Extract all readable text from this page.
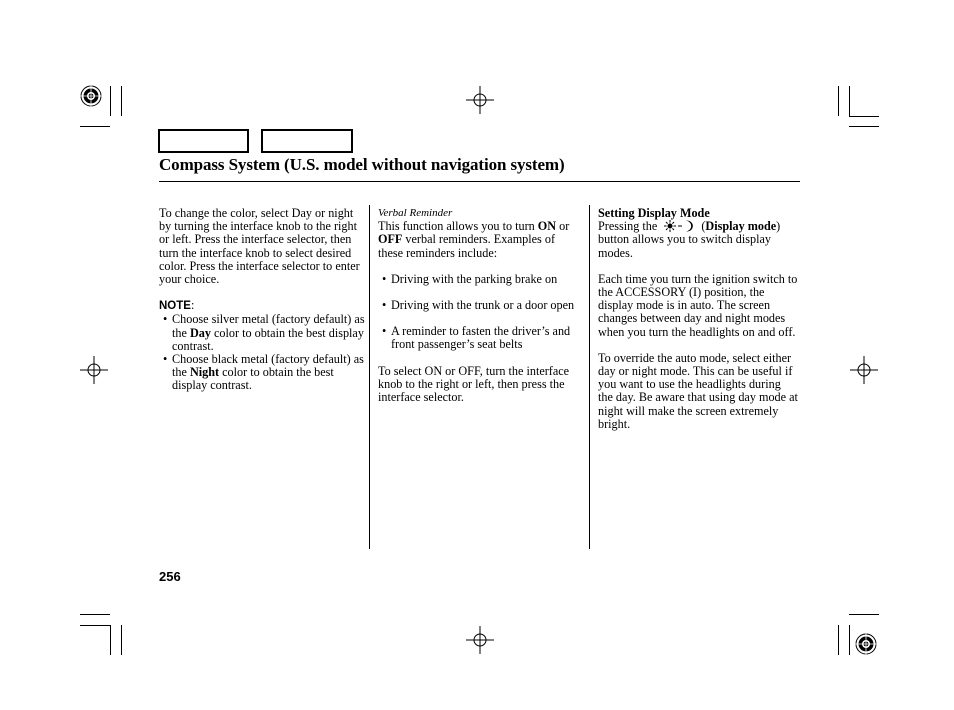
Compass System (U.S. model without navigation system)

To change the color, select Day or night by turning the interface knob to the right or left. Press the interface selector, then turn the interface knob to select desired color. Press the interface selector to enter your choice.

NOTE:

• Choose silver metal (factory default) as the Day color to obtain the best display contrast.

• Choose black metal (factory default) as the Night color to obtain the best display contrast.

Verbal Reminder

This function allows you to turn ON or OFF verbal reminders. Examples of these reminders include:

• Driving with the parking brake on

• Driving with the trunk or a door open

• A reminder to fasten the driver’s and front passenger’s seat belts

To select ON or OFF, turn the interface knob to the right or left, then press the interface selector.

Setting Display Mode

Pressing the	(Display mode) button allows you to switch display modes.

Each time you turn the ignition switch to the ACCESSORY (I) position, the display mode is in auto. The screen changes between day and night modes when you turn the headlights on and off.

To override the auto mode, select either day or night mode. This can be useful if you want to use the headlights during the day. Be aware that using day mode at night will make the screen extremely bright.

256
